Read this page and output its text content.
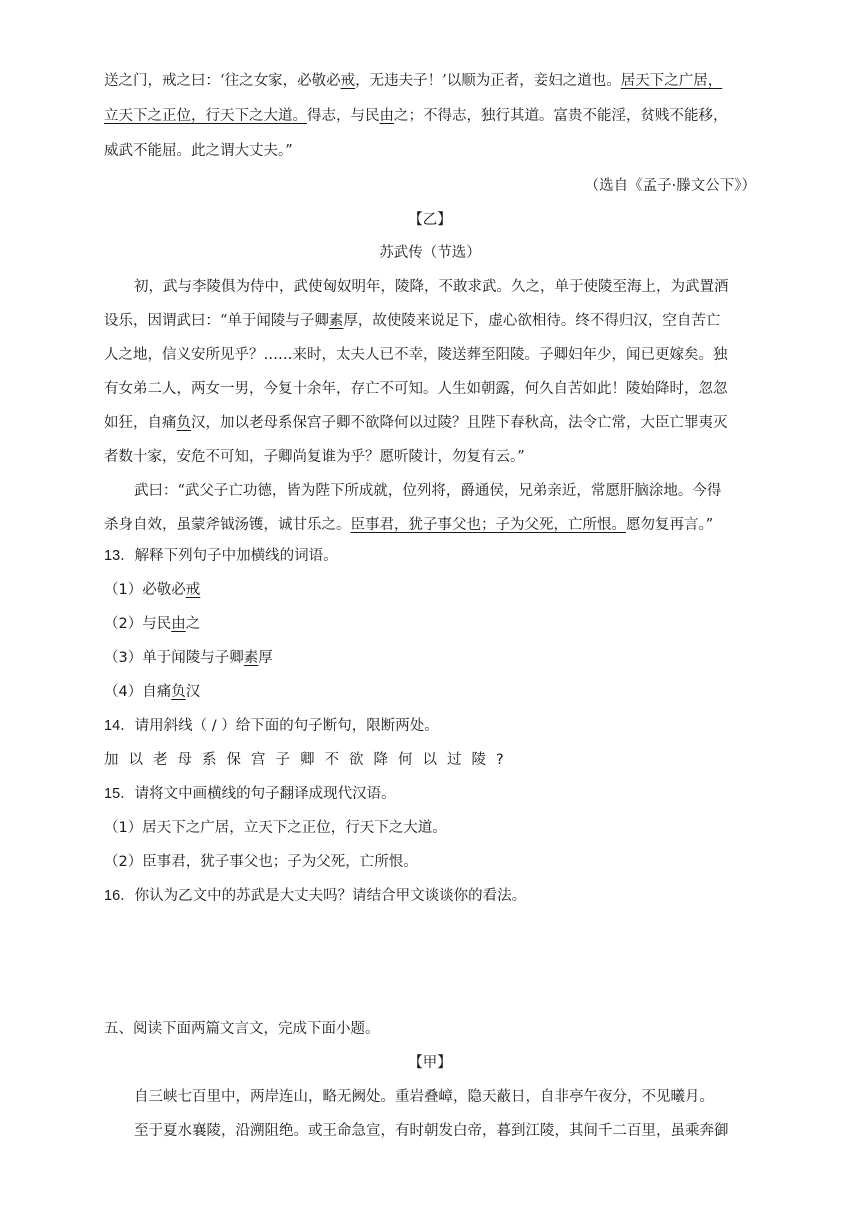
送之门，戒之曰：‘往之女家，必敬必戒，无违夫子！’以顺为正者，妾妇之道也。居天下之广居，
立天下之正位，行天下之大道。得志，与民由之；不得志，独行其道。富贵不能淫，贫贱不能移，
威武不能屈。此之谓大丈夫。”
（选自《孟子·滕文公下》）
【乙】
苏武传（节选）
初，武与李陵俱为侍中，武使匈奴明年，陵降，不敢求武。久之，单于使陵至海上，为武置酒
设乐，因谓武曰：“单于闻陵与子卿素厚，故使陵来说足下，虚心欲相待。终不得归汉，空自苦亡
人之地，信义安所见乎？……来时，太夫人已不幸，陵送葬至阳陵。子卿妇年少，闻已更嫁矣。独
有女弟二人，两女一男，今复十余年，存亡不可知。人生如朝露，何久自苦如此！陵始降时，忽忽
如狂，自痛负汉，加以老母系保宫子卿不欲降何以过陵？且陛下春秋高，法令亡常，大臣亡罪夷灭
者数十家，安危不可知，子卿尚复谁为乎？愿听陵计，勿复有云。”
武曰：“武父子亡功德，皆为陛下所成就，位列将，爵通侯，兄弟亲近，常愿肝脑涂地。今得
杀身自效，虽蒙斧钺汤镬，诚甘乐之。臣事君，犹子事父也；子为父死，亡所恨。愿勿复再言。”
13．解释下列句子中加横线的词语。
（1）必敬必戒
（2）与民由之
（3）单于闻陵与子卿素厚
（4）自痛负汉
14．请用斜线（ / ）给下面的句子断句，限断两处。
加以老母系保宫子卿不欲降何以过陵?
15．请将文中画横线的句子翻译成现代汉语。
（1）居天下之广居，立天下之正位，行天下之大道。
（2）臣事君，犹子事父也；子为父死，亡所恨。
16．你认为乙文中的苏武是大丈夫吗？请结合甲文谈谈你的看法。
五、阅读下面两篇文言文，完成下面小题。
【甲】
自三峡七百里中，两岸连山，略无阙处。重岩叠嶂，隐天蔽日，自非亭午夜分，不见曦月。
至于夏水襄陵，沿溯阻绝。或王命急宣，有时朝发白帝，暮到江陵，其间千二百里，虽乘奔御
